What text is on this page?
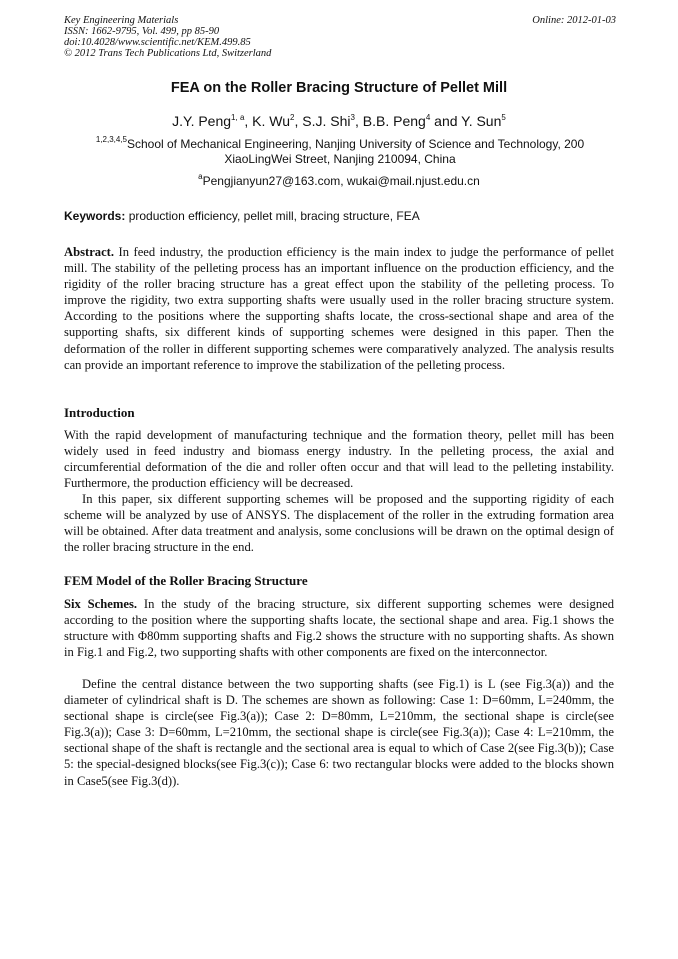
Key Engineering Materials
ISSN: 1662-9795, Vol. 499, pp 85-90
doi:10.4028/www.scientific.net/KEM.499.85
© 2012 Trans Tech Publications Ltd, Switzerland
Online: 2012-01-03
FEA on the Roller Bracing Structure of Pellet Mill
J.Y. Peng$^{1, a}$, K. Wu$^2$, S.J. Shi$^3$, B.B. Peng$^4$ and Y. Sun$^5$
$^{1,2,3,4,5}$School of Mechanical Engineering, Nanjing University of Science and Technology, 200
XiaoLingWei Street, Nanjing 210094, China
$^a$Pengjianyun27@163.com, wukai@mail.njust.edu.cn
Keywords: production efficiency, pellet mill, bracing structure, FEA
Abstract. In feed industry, the production efficiency is the main index to judge the performance of pellet mill. The stability of the pelleting process has an important influence on the production efficiency, and the rigidity of the roller bracing structure has a great effect upon the stability of the pelleting process. To improve the rigidity, two extra supporting shafts were usually used in the roller bracing structure system. According to the positions where the supporting shafts locate, the cross-sectional shape and area of the supporting shafts, six different kinds of supporting schemes were designed in this paper. Then the deformation of the roller in different supporting schemes were comparatively analyzed. The analysis results can provide an important reference to improve the stabilization of the pelleting process.
Introduction
With the rapid development of manufacturing technique and the formation theory, pellet mill has been widely used in feed industry and biomass energy industry. In the pelleting process, the axial and circumferential deformation of the die and roller often occur and that will lead to the pelleting instability. Furthermore, the production efficiency will be decreased.
In this paper, six different supporting schemes will be proposed and the supporting rigidity of each scheme will be analyzed by use of ANSYS. The displacement of the roller in the extruding formation area will be obtained. After data treatment and analysis, some conclusions will be drawn on the optimal design of the roller bracing structure in the end.
FEM Model of the Roller Bracing Structure
Six Schemes. In the study of the bracing structure, six different supporting schemes were designed according to the position where the supporting shafts locate, the sectional shape and area. Fig.1 shows the structure with Φ80mm supporting shafts and Fig.2 shows the structure with no supporting shafts. As shown in Fig.1 and Fig.2, two supporting shafts with other components are fixed on the interconnector.
Define the central distance between the two supporting shafts (see Fig.1) is L (see Fig.3(a)) and the diameter of cylindrical shaft is D. The schemes are shown as following: Case 1: D=60mm, L=240mm, the sectional shape is circle(see Fig.3(a)); Case 2: D=80mm, L=210mm, the sectional shape is circle(see Fig.3(a)); Case 3: D=60mm, L=210mm, the sectional shape is circle(see Fig.3(a)); Case 4: L=210mm, the sectional shape of the shaft is rectangle and the sectional area is equal to which of Case 2(see Fig.3(b)); Case 5: the special-designed blocks(see Fig.3(c)); Case 6: two rectangular blocks were added to the blocks shown in Case5(see Fig.3(d)).
